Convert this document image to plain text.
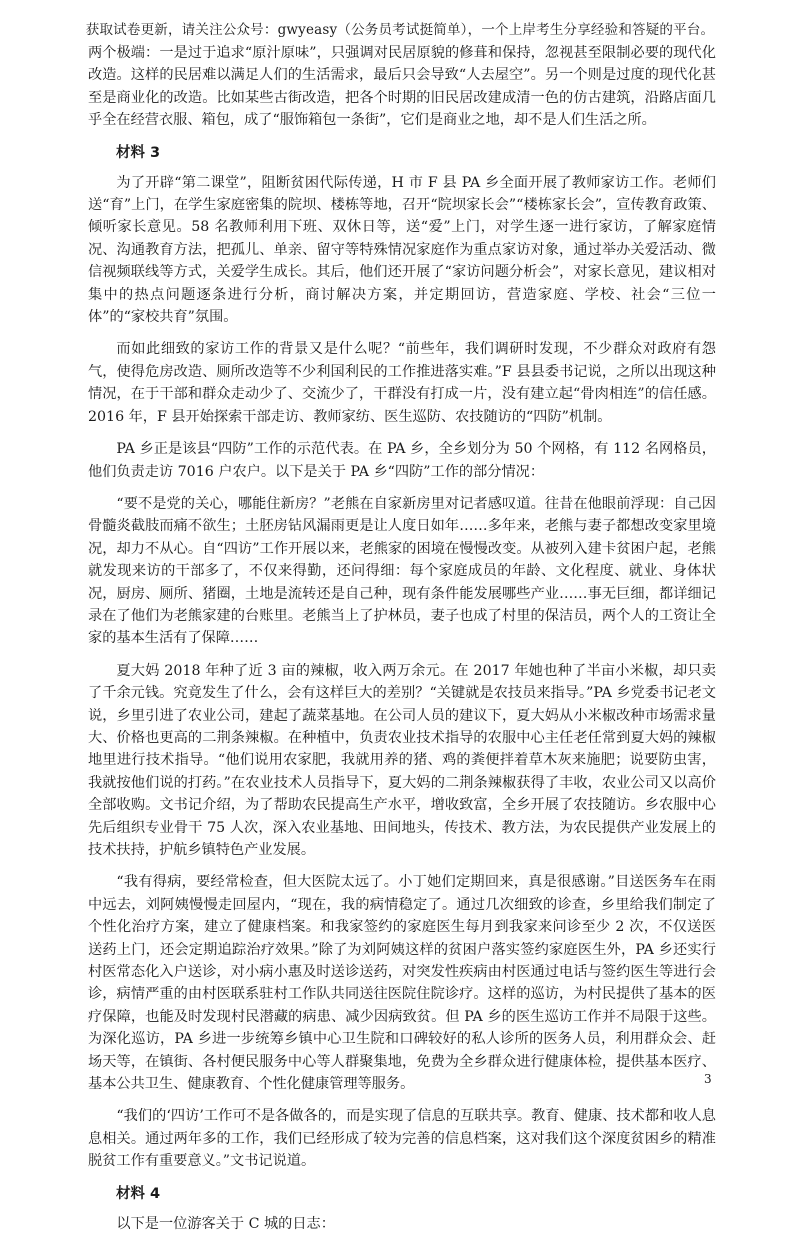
获取试卷更新，请关注公众号：gwyeasy（公务员考试挺简单），一个上岸考生分享经验和答疑的平台。

两个极端：一是过于追求“原汁原味”，只强调对民居原貌的修葺和保持，忽视甚至限制必要的现代化改造。这样的民居难以满足人们的生活需求，最后只会导致“人去屋空”。另一个则是过度的现代化甚至是商业化的改造。比如某些古街改造，把各个时期的旧民居改建成清一色的仿古建筑，沿路店面几乎全在经营衣服、箱包，成了“服饰箱包一条街”，它们是商业之地，却不是人们生活之所。

材料 3

为了开辟“第二课堂”，阻断贫困代际传递，H 市 F 县 PA 乡全面开展了教师家访工作。老师们送“育”上门，在学生家庭密集的院坝、楼栋等地，召开“院坝家长会”“楼栋家长会”，宣传教育政策、倾听家长意见。58 名教师利用下班、双休日等，送“爱”上门，对学生逐一进行家访，了解家庭情况、沟通教育方法，把孤儿、单亲、留守等特殊情况家庭作为重点家访对象，通过举办关爱活动、微信视频联线等方式，关爱学生成长。其后，他们还开展了“家访问题分析会”，对家长意见，建议相对集中的热点问题逐条进行分析，商讨解决方案，并定期回访，营造家庭、学校、社会“三位一体”的“家校共育”氛围。

而如此细致的家访工作的背景又是什么呢？“前些年，我们调研时发现，不少群众对政府有怨气，使得危房改造、厕所改造等不少利国利民的工作推进落实难。”F 县县委书记说，之所以出现这种情况，在于干部和群众走动少了、交流少了，干群没有打成一片，没有建立起“骨肉相连”的信任感。2016 年，F 县开始探索干部走访、教师家纺、医生巡防、农技随访的“四防”机制。

PA 乡正是该县“四防”工作的示范代表。在 PA 乡，全乡划分为 50 个网格，有 112 名网格员，他们负责走访 7016 户农户。以下是关于 PA 乡“四防”工作的部分情况：

“要不是党的关心，哪能住新房？”老熊在自家新房里对记者感叹道。往昔在他眼前浮现：自己因骨髓炎截肢而痛不欲生；土胚房钻风漏雨更是让人度日如年……多年来，老熊与妻子都想改变家里境况，却力不从心。自“四访”工作开展以来，老熊家的困境在慢慢改变。从被列入建卡贫困户起，老熊就发现来访的干部多了，不仅来得勤，还问得细：每个家庭成员的年龄、文化程度、就业、身体状况，厨房、厕所、猪圈，土地是流转还是自己种，现有条件能发展哪些产业……事无巨细，都详细记录在了他们为老熊家建的台账里。老熊当上了护林员，妻子也成了村里的保洁员，两个人的工资让全家的基本生活有了保障……

夏大妈 2018 年种了近 3 亩的辣椒，收入两万余元。在 2017 年她也种了半亩小米椒，却只卖了千余元钱。究竟发生了什么，会有这样巨大的差别？“关键就是农技员来指导。”PA 乡党委书记老文说，乡里引进了农业公司，建起了蔬菜基地。在公司人员的建议下，夏大妈从小米椒改种市场需求量大、价格也更高的二荆条辣椒。在种植中，负责农业技术指导的农服中心主任老任常到夏大妈的辣椒地里进行技术指导。“他们说用农家肥，我就用养的猪、鸡的粪便拌着草木灰来施肥；说要防虫害，我就按他们说的打药。”在农业技术人员指导下，夏大妈的二荆条辣椒获得了丰收，农业公司又以高价全部收购。文书记介绍，为了帮助农民提高生产水平，增收致富，全乡开展了农技随访。乡农服中心先后组织专业骨干 75 人次，深入农业基地、田间地头，传技术、教方法，为农民提供产业发展上的技术扶持，护航乡镇特色产业发展。

“我有得病，要经常检查，但大医院太远了。小丁她们定期回来，真是很感谢。”目送医务车在雨中远去，刘阿姨慢慢走回屋内，“现在，我的病情稳定了。通过几次细致的诊查，乡里给我们制定了个性化治疗方案，建立了健康档案。和我家签约的家庭医生每月到我家来问诊至少 2 次，不仅送医送药上门，还会定期追踪治疗效果。”除了为刘阿姨这样的贫困户落实签约家庭医生外，PA 乡还实行村医常态化入户送诊，对小病小惠及时送诊送药，对突发性疾病由村医通过电话与签约医生等进行会诊，病情严重的由村医联系驻村工作队共同送往医院住院诊疗。这样的巡访，为村民提供了基本的医疗保障，也能及时发现村民潜藏的病患、减少因病致贫。但 PA 乡的医生巡访工作并不局限于这些。为深化巡访，PA 乡进一步统筹乡镇中心卫生院和口碑较好的私人诊所的医务人员，利用群众会、赶场天等，在镇街、各村便民服务中心等人群聚集地，免费为全乡群众进行健康体检，提供基本医疗、基本公共卫生、健康教育、个性化健康管理等服务。

“我们的‘四访’工作可不是各做各的，而是实现了信息的互联共享。教育、健康、技术都和收人息息相关。通过两年多的工作，我们已经形成了较为完善的信息档案，这对我们这个深度贫困乡的精准脱贫工作有重要意义。”文书记说道。

材料 4

以下是一位游客关于 C 城的日志：

3
